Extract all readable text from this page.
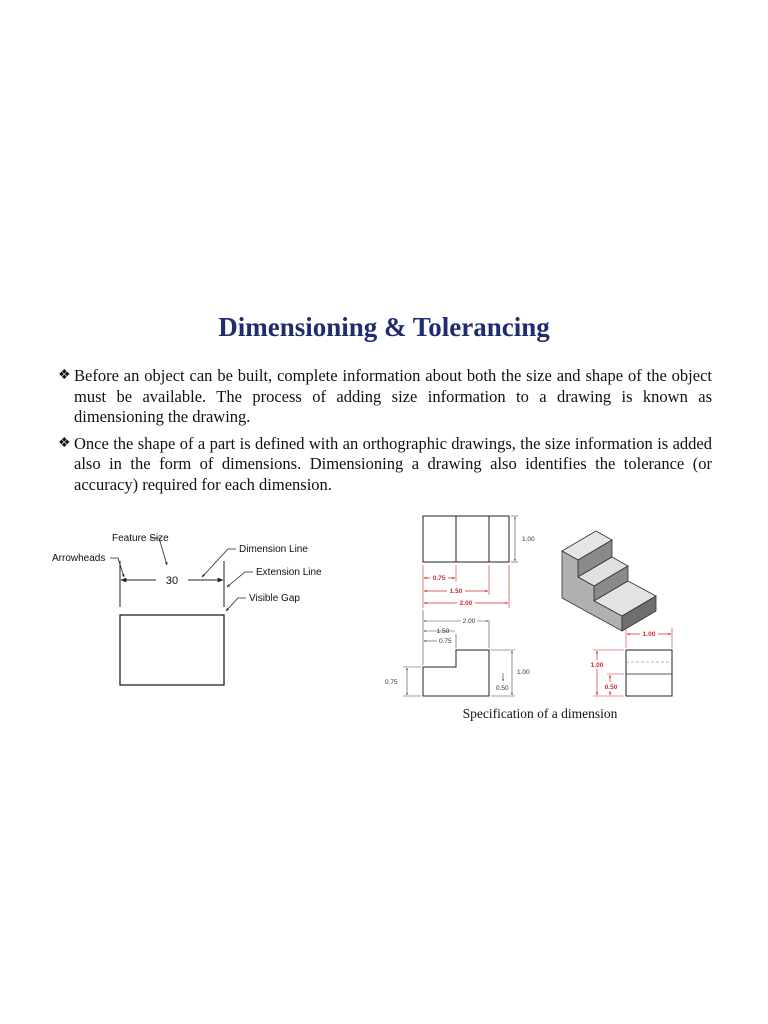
Dimensioning & Tolerancing
❖ Before an object can be built, complete information about both the size and shape of the object must be available. The process of adding size information to a drawing is known as dimensioning the drawing.
❖ Once the shape of a part is defined with an orthographic drawings, the size information is added also in the form of dimensions. Dimensioning a drawing also identifies the tolerance (or accuracy) required for each dimension.
30
Feature Size
Arrowheads
Dimension Line
Extension Line
Visible Gap
1.00
0.75
1.50
2.00
2.00
1.50
0.75
0.75
1.00
0.50
1.00
1.00
0.50
Specification of a dimension
